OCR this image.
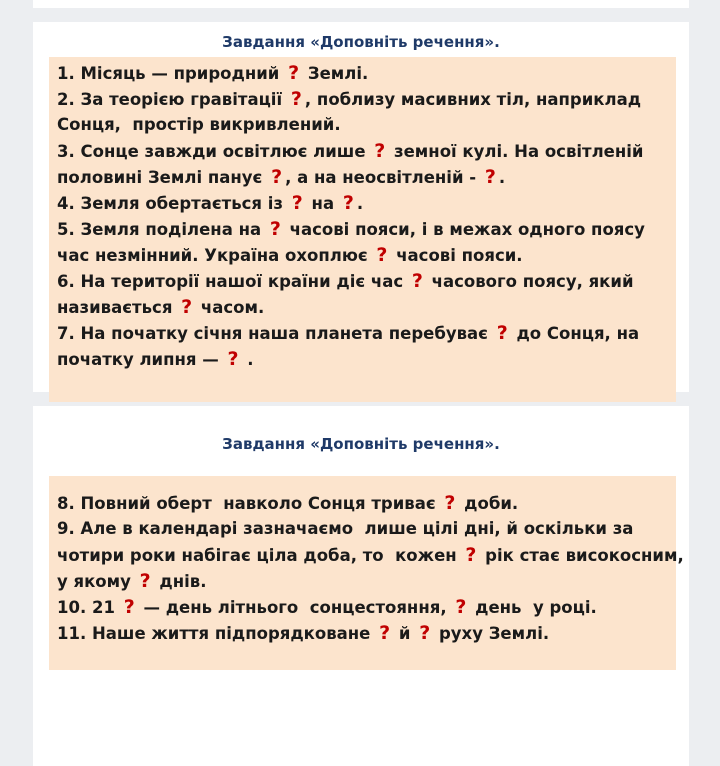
Завдання «Доповніть речення».
1. Місяць — природний ? Землі.
2. За теорією гравітації ? , поблизу масивних тіл, наприклад
Сонця,  простір викривлений.
3. Сонце завжди освітлює лише ? земної кулі. На освітленій
половині Землі панує ? , а на неосвітленій - ? .
4. Земля обертається із ? на ? .
5. Земля поділена на ? часові пояси, і в межах одного поясу
час незмінний. Україна охоплює ? часові пояси.
6. На території нашої країни діє час ? часового поясу, який
називається ? часом.
7. На початку січня наша планета перебуває ? до Сонця, на
початку липня — ? .
Завдання «Доповніть речення».
8. Повний оберт  навколо Сонця триває ? доби.
9. Але в календарі зазначаємо  лише цілі дні, й оскільки за
чотири роки набігає ціла доба, то  кожен ? рік стає високосним,
у якому ? днів.
10. 21 ? — день літнього  сонцестояння, ? день  у році.
11. Наше життя підпорядковане ? й ? руху Землі.
